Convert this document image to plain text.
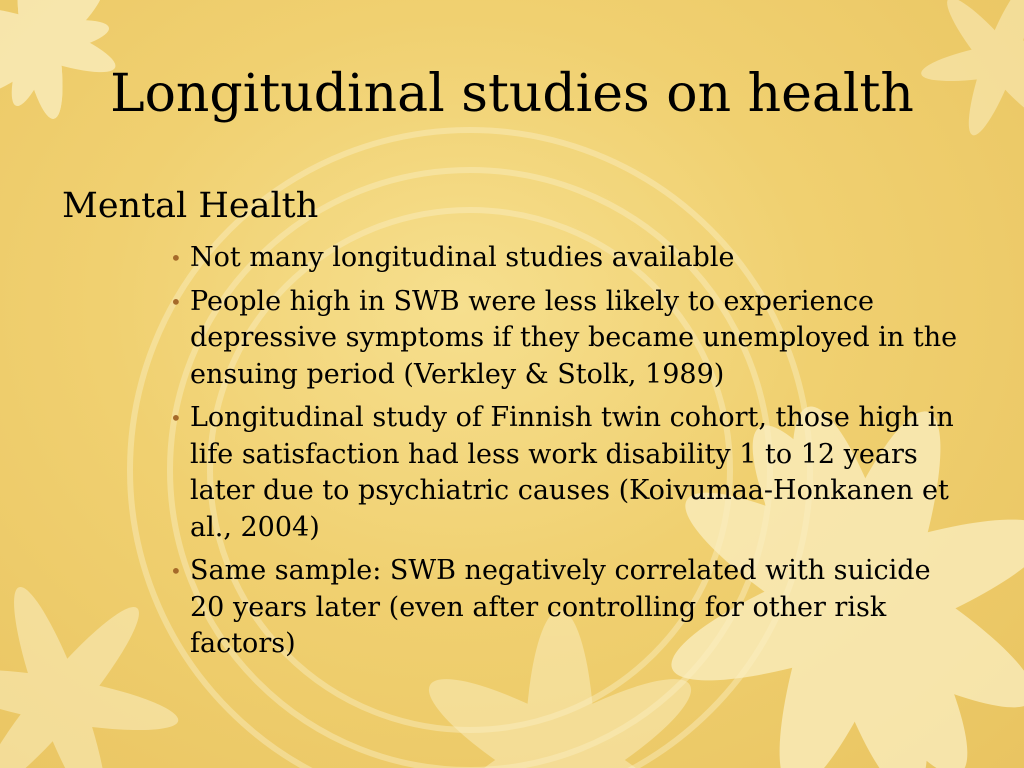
Longitudinal studies on health
Mental Health
• Not many longitudinal studies available
• People high in SWB were less likely to experience depressive symptoms if they became unemployed in the ensuing period (Verkley & Stolk, 1989)
• Longitudinal study of Finnish twin cohort, those high in life satisfaction had less work disability 1 to 12 years later due to psychiatric causes (Koivumaa-Honkanen et al., 2004)
• Same sample: SWB negatively correlated with suicide 20 years later (even after controlling for other risk factors)
